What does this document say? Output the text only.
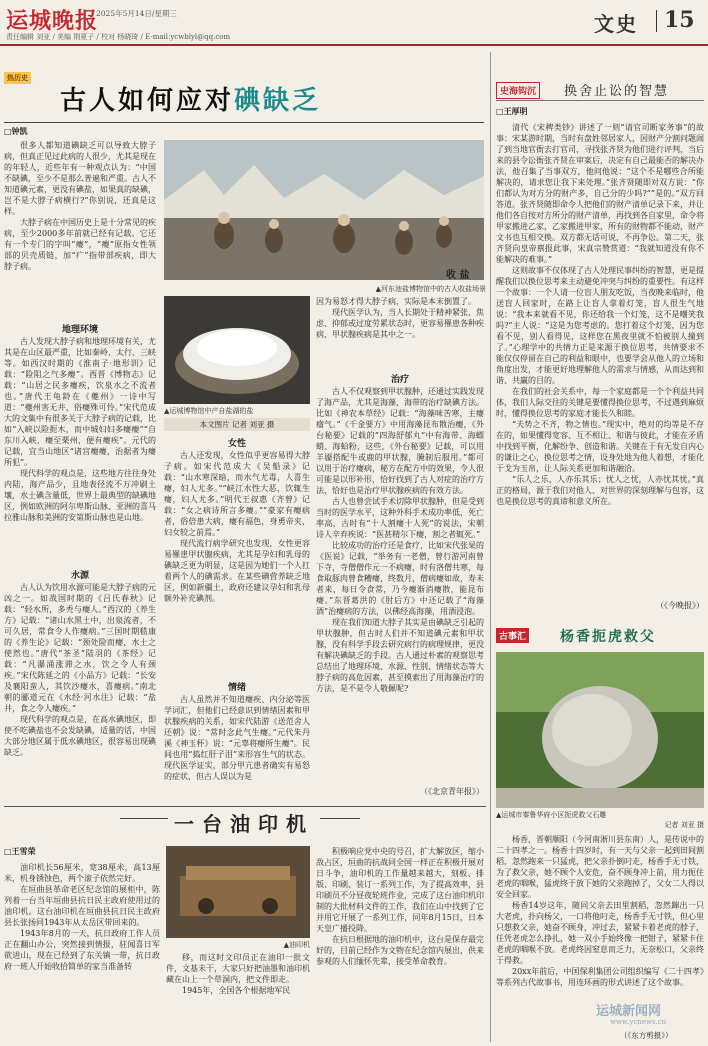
运城晚报
2025年5月14日/星期三
责任编辑 刘亚 / 美编 荆夏子 / 校对 杨晓琦 / E-mail:ycwblyl@qq.com
文史 15
热历史
古人如何应对碘缺乏
□钟凯
很多人都知道碘缺乏可以导致大脖子病，但真正见过此病的人很少，尤其是现在的年轻人，近些年有一种观点认为：“中国不缺碘，至少不是那么普遍和严重。古人不知道碘元素，更没有碘盐，如果真的缺碘，岂不是大脖子病横行?”你别说，还真是这样。
大脖子病在中国历史上是十分常见的疾病，至少2000多年前就已经有记载。它还有一个专门的字叫“瘿”，“瘿”原指女性领部的贝壳质链，加“疒”指带部疾病，即大脖子病。
地理环境
古人发现大脖子病和地理环境有关，尤其是在山区最严重，比如秦岭、太行、三峡等。如西汉时期的《淮南子·地形训》记载：“险阻之气多瘿”。西晋《博物志》记载：“山居之民多瘿疾，饮泉水之不流者也。”唐代王龟龄在《夔州》一诗中写道：“夔州害无井，俗瘿殊可怜。”宋代范成大的文集中有很多关于大脖子病的记载，比如“入峡以险扼木，而中城妇妇多瘿瘿”“自东川入峡，瘿至栗州，便有瘿疾”。元代的记载，宜当山地区“诸宫瘿瘿，治据者为瘿所犯”。
现代科学的观点是，这些地方往往身处内陆，海产品少，且地表径流不万冲刷土壤，水土碘含量低，世界上最典型的缺碘地区，例如欧洲的阿尔卑斯山脉、亚洲的喜马拉雅山脉和美洲的安第斯山脉也是山地。
水源
古人认为饮用水源可能是大脖子病的元凶之一。如战国时期的《吕氏春秋》记载：“轻水所，多秃与瘿人。”西汉的《养生方》记载：“诸山水黑土中，出泉流者，不可久居，常食令人作瘿病。”三国时期嵇康的《养生论》记载：“颈处险而瘿，水土之使然也。”唐代“茶圣”陆羽的《茶经》记载：“凡瀑涌涨滞之水，饮之令人有颈疾。”宋代陈延之的《小品方》记载：“长安及襄阳蛮人，其饮沙瘿水，喜瘿病。”南北朝的郦道元在《水经·河水注》记载：“盐井，食之令人瘿疾。”
现代科学的观点是，在高水碘地区，即使不吃碘盐也不会发缺碘，适量的话，中国大部分地区属于低水碘地区，很容易出现碘缺乏。
收 盐
▲河东池盐博物馆中的古人收盐场景
▲运城博物馆中产自盐湖的盐
本文图片 记者 刘亚 摄
女性
古人还发现，女性似乎更容易得大脖子病。如宋代范成大《吴船录》记载：“山水寒深暗，而水气尤毒，人喜生瘿，妇人尤多。”“峡江水性大恶，饮辄生瘿，妇人尤多。”明代王叔惠《齐曾》记载：“女之病诗所言多瘿。”“豪家有瘿病者，俗倍患大病，瘿有福色，身勇帝夹，妇女较之前焉。”
现代流行病学研究也发现，女性更容易罹患甲状腺疾病，尤其是孕妇和乳母的碘缺乏更为明显，这是因为她们一个人扛着两个人的碘需求。在某些碘营养缺乏地区，例如新疆土，政府还建议孕妇和乳母额外补充碘剂。
情绪
古人虽然并不知道瘿疾、内分泌等医学词汇，但他们已经意识到情绪因素和甲状腺疾病的关系，如宋代陆游《送范舍人还朝》说：“常时念此气生瘿。”元代朱丹溪《神玉杯》说：“元辜将瘿所生瘿”。民间也用“捣红肝子泪”来形容生气的状态。现代医学证实，部分甲亢患者确实有易怒的症状，但古人误以为是
因为易怒才得大脖子病，实际是本末倒置了。
现代医学认为，当人长期处于精神紧张、焦虑、抑郁或过度劳累状态时，更容易罹患各种疾病，甲状腺疾病是其中之一。
治疗
古人不仅观察到甲状腺肿，还通过实践发现了海产品，尤其是海藻、海带的治疗缺碘方法。比如《神农本草经》记载：“海藻味苦寒，主瘿瘤气。”《千金要方》中用海藻昆布散治瘿，《外台秘要》记载的“四海舒郁丸”中有海带、海螵蛸、海蛤粉，这些，《外台秘要》记载，可以用羊靥搭配牛或鹿的甲状腺，腌制后服用。”都可以用于治疗瘿病，秘方在配方中的效果，令人很可能是以形补形，恰好找到了古人对症的治疗方法，恰好也是治疗甲状腺疾病的有效方法。
古人也曾尝试手术切除甲状腺肿，但是受到当时的医学水平，这种外科手术成功率低，死亡率高，古时有“十人割瘿十人死”的说法，宋朝诗人辛弃疾说：“医甚精尔下瘿，割之者辄死。”
比较成功的治疗还是食疗，比如宋代张杲的《医说》记载，“举务有一老僧，曾行游河南曾下寺，寺僧僧作元一不病瘿，时有洛僧共寒，每食取豚肉曾食糟瘿，终数月，僧病瘿如故，寿未者来，每日令食常，乃今瘿渐消瘿散，能昆布瘿。”东晋葛洪的《肘后方》中还记载了“海藻酒”治瘿病的方法，以佛经高海藻，用酒浸泡。
现在我们知道大脖子其实是由碘缺乏引起的甲状腺肿，但古时人们并不知道碘元素和甲状腺，没有科学手段去研究病行的病理规律，更没有解决碘缺乏的手段。古人通过朴素的观察思考总结出了地理环境、水源、性别、情绪状态等大脖子病的高危因素，甚至摸索出了用海藻治疗的方法，是不是令人敬佩呢?
（《北京青年报》）
史海钩沉	换舍止讼的智慧
□王厚明
清代《宋稗类钞》讲述了一则“请官司断家务事”的故事：宋某游时期，当时有盘姓邻居家人，因财产分割问题闹了到当地官衙去打官司，寻找张齐贤为他们进行评判，当后来的县令讼衙张齐贤在审案后，决定有自己最能否的解决办法，他召集了当事双方，他问他说：“这个不是哪些合所能解决的，请求您让我下来处理。”张齐贤随即对双方说：“你们都认为对方分的财产多，自己分的少吗?””是的。”双方回答道。张齐贤随即命令人把他们的财产清单记录下来，并让他们各自按对方所分的财产清单，再找到各自家里，命令将甲家搬进乙家，乙家搬进甲家，所有的财物都不能动，财产文书也互相交换。双方都无话可说，不再争讼。第二天，张齐贤向皇帝禀报此事，宋真宗赞赏道：“我就知道没有你不能解决的难事。”
这则故事不仅体现了古人处理民事纠纷的智慧，更是提醒我们以换位思考来主动避免冲突与纠纷的重要性。有这样一个故事：一个人请一位盲人朋友吃饭，当夜晚来临时，他送盲人回家时，在路上让盲人拿着灯笼，盲人很生气地说：“我本来就看不见，你还给我一个灯笼，这不是嘲笑我吗?”主人说：“这是为您考虑的。您打着这个灯笼，因为您看不见，别人看得见，这样您在黑夜里就不怕被别人撞到了。”心理学中的共情力正是来源于换位思考，共情要求不能仅仅停留在自己的利益和眼中，也要学会从他人的立场和角度出发，才能更好地理解他人的需求与情感，从而达到和谐、共赢的目的。
在我们的社会关系中，每一个家庭都是一个个利益共同体，我们人际交往的关键是要懂得换位思考，不过遇到麻烦时，懂得换位思考的家庭才能长久和睦。
“夫势之不齐，物之情也。”现实中，绝对的均等是不存在的，如果懂得宽容、互不相让、和谐与彼此，才能在矛盾中找到平衡，化解纷争、创造和谐。关键在于有无发自内心的谦让之心，换位思考之情，设身处地为他人着想，才能化干戈为玉帛，让人际关系更加和谐融洽。
“乐人之乐，人亦乐其乐；忧人之忧，人亦忧其忧。”真正的格局，源于我们对他人、对世界的深刻理解与包容，这也是换位思考的真谛和意义所在。
（《今晚报》）
古事汇 杨香扼虎救父
▲运城市秦鲁华府小区扼虎救父石雕
记者 刘亚 摄
杨香，晋朝顺阳（今河南淅川县东南）人，是传说中的二十四孝之一。杨香十四岁时，有一天与父亲一起到田间割稻，忽然跑来一只猛虎，把父亲扑倒叼走，杨香手无寸铁，为了救父亲，她不顾个人安危，奋不顾身冲上前，用力扼住老虎的咽喉，猛虎终于放下她的父亲跑掉了，父女二人得以安全回家。
杨香14岁这年，随同父亲去田里割稻，忽然蹿出一只大老虎，扑向杨父，一口将他叼走，杨香手无寸铁，但心里只想救父亲，她奋不顾身，冲过去，紧紧卡着老虎的脖子，任凭老虎怎么挣扎，她一双小手始终像一把钳子，紧紧卡住老虎的咽喉不放。老虎终因窒息而乏力，无奈松口，父亲终于得救。
20xx年前后，中国保利集团公司组织编写《二十四孝》等系列古代故事书，用连环画的形式讲述了这个故事。
（《东方剪报》）
运城新闻网
www.ycnews.cn
一台油印机
□王雪荣
油印机长56厘米，宽38厘米，高13厘米，机身锈蚀色，两个滚子依然完好。
在垣曲县革命老区纪念馆的展柜中，陈列着一台当年垣曲县抗日民主政府使用过的油印机。这台油印机在垣曲县抗日民主政府县长张扬同1943年从太岳区带回来的。
1943年8月的一天，抗日政府工作人员正在翻山办公，突然接到情报，驻闻喜日军欲进山，现在已经到了东关镇一带，抗日政府一班人开始收拾简单的家当准备转
▲油印机
移，而这时文印员正在油印一批文件，文基未干，大家只好把油墨和油印机藏在山上一个草洞内，把文件即走。
1945年，全国各个根据地军民
积极响应党中央的号召，扩大解放区，缩小敌占区，垣曲的抗战同全国一样正在积极开展对日斗争，油印机的工作量越来越大，刻板、排版、印刷、装订一系列工作，为了提高效率，县印刷员不分昼夜轮班作业，完成了这台油印机印制的大批材料文件的工作，我们在山中找到了它并用它开展了一系列工作，同年8月15日，日本天皇广播投降。
在抗日根据地的油印机中，这台是保存最完好的，目前已经作为文物在纪念馆内展出，供来参观的人们缅怀先辈，接受革命教育。
